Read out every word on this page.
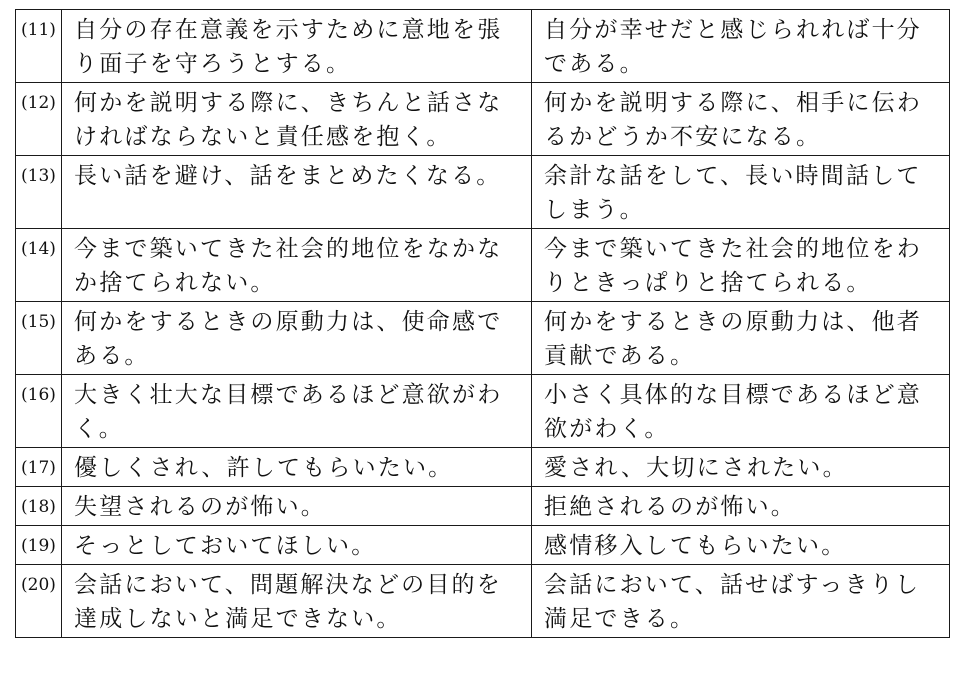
(11)	自分の存在意義を示すために意地を張り面子を守ろうとする。	自分が幸せだと感じられれば十分である。
(12)	何かを説明する際に、きちんと話さなければならないと責任感を抱く。	何かを説明する際に、相手に伝わるかどうか不安になる。
(13)	長い話を避け、話をまとめたくなる。	余計な話をして、長い時間話してしまう。
(14)	今まで築いてきた社会的地位をなかなか捨てられない。	今まで築いてきた社会的地位をわりときっぱりと捨てられる。
(15)	何かをするときの原動力は、使命感である。	何かをするときの原動力は、他者貢献である。
(16)	大きく壮大な目標であるほど意欲がわく。	小さく具体的な目標であるほど意欲がわく。
(17)	優しくされ、許してもらいたい。	愛され、大切にされたい。
(18)	失望されるのが怖い。	拒絶されるのが怖い。
(19)	そっとしておいてほしい。	感情移入してもらいたい。
(20)	会話において、問題解決などの目的を達成しないと満足できない。	会話において、話せばすっきりし満足できる。
